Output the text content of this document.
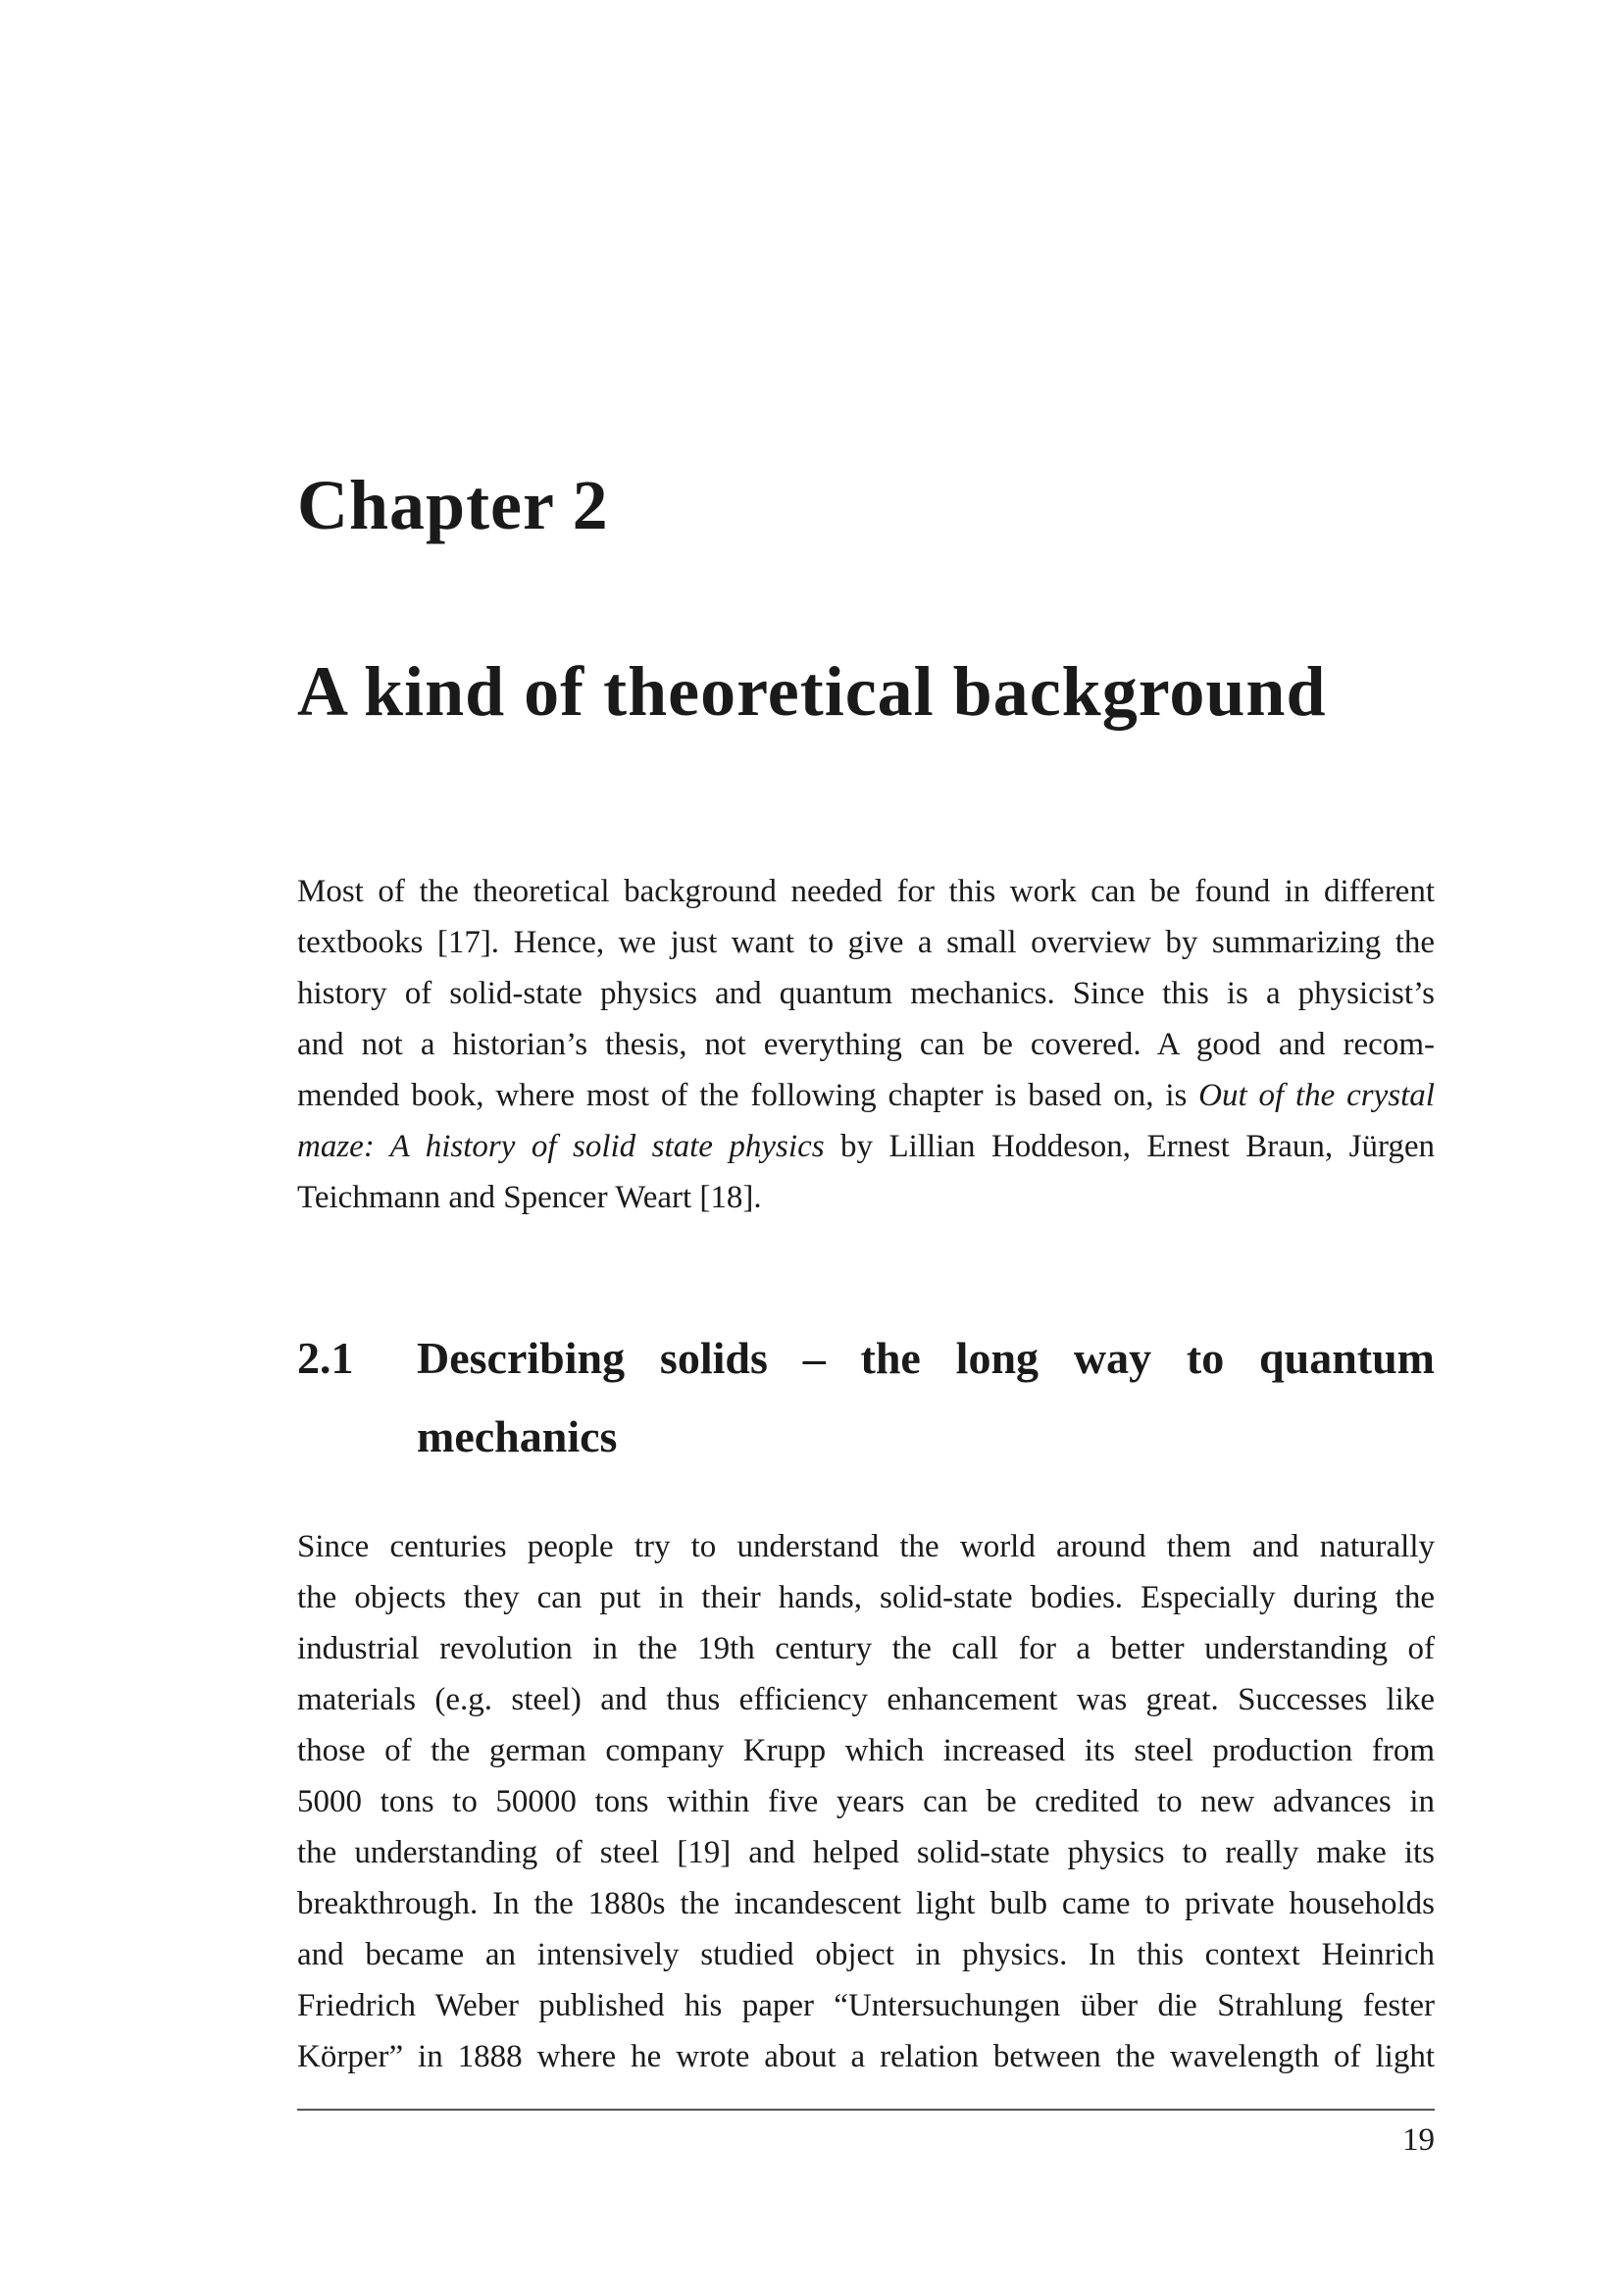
Chapter 2
A kind of theoretical background
Most of the theoretical background needed for this work can be found in different
textbooks [17]. Hence, we just want to give a small overview by summarizing the
history of solid-state physics and quantum mechanics. Since this is a physicist’s
and not a historian’s thesis, not everything can be covered. A good and recom-
mended book, where most of the following chapter is based on, is Out of the crystal
maze: A history of solid state physics by Lillian Hoddeson, Ernest Braun, Jürgen
Teichmann and Spencer Weart [18].
2.1 Describing solids – the long way to quantum
mechanics
Since centuries people try to understand the world around them and naturally
the objects they can put in their hands, solid-state bodies. Especially during the
industrial revolution in the 19th century the call for a better understanding of
materials (e.g. steel) and thus efficiency enhancement was great. Successes like
those of the german company Krupp which increased its steel production from
5000 tons to 50000 tons within five years can be credited to new advances in
the understanding of steel [19] and helped solid-state physics to really make its
breakthrough. In the 1880s the incandescent light bulb came to private households
and became an intensively studied object in physics. In this context Heinrich
Friedrich Weber published his paper “Untersuchungen über die Strahlung fester
Körper” in 1888 where he wrote about a relation between the wavelength of light
19
